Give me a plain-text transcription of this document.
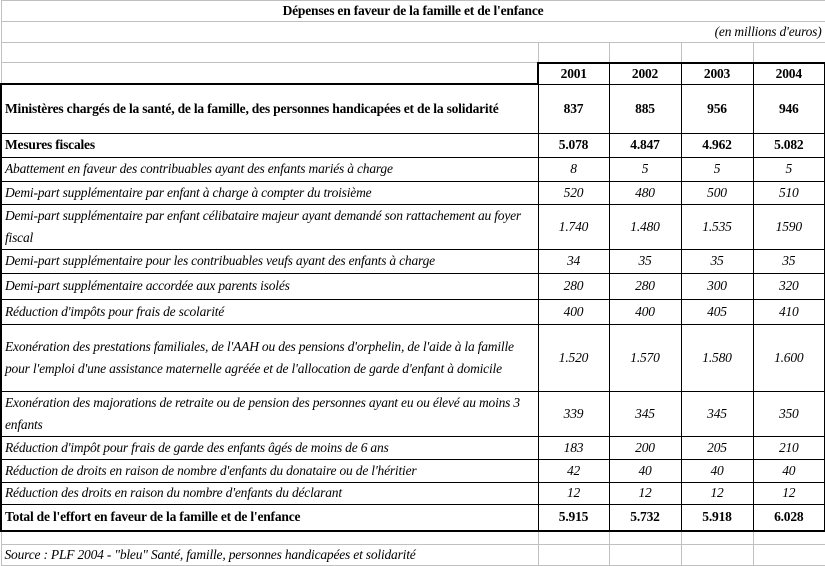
Dépenses en faveur de la famille et de l'enfance				
(en millions d'euros)				

	2001	2002	2003	2004
Ministères chargés de la santé, de la famille, des personnes handicapées et de la solidarité	837	885	956	946
Mesures fiscales	5.078	4.847	4.962	5.082
Abattement en faveur des contribuables ayant des enfants mariés à charge	8	5	5	5
Demi-part supplémentaire par enfant à charge à compter du troisième	520	480	500	510
Demi-part supplémentaire par enfant célibataire majeur ayant demandé son rattachement au foyer fiscal	1.740	1.480	1.535	1590
Demi-part supplémentaire pour les contribuables veufs ayant des enfants à charge	34	35	35	35
Demi-part supplémentaire accordée aux parents isolés	280	280	300	320
Réduction d'impôts pour frais de scolarité	400	400	405	410
Exonération des prestations familiales, de l'AAH ou des pensions d'orphelin, de l'aide à la famille pour l'emploi d'une assistance maternelle agréée et de l'allocation de garde d'enfant à domicile	1.520	1.570	1.580	1.600
Exonération des majorations de retraite ou de pension des personnes ayant eu ou élevé au moins 3 enfants	339	345	345	350
Réduction d'impôt pour frais de garde des enfants âgés de moins de 6 ans	183	200	205	210
Réduction de droits en raison de nombre d'enfants du donataire ou de l'héritier	42	40	40	40
Réduction des droits en raison du nombre d'enfants du déclarant	12	12	12	12
Total de l'effort en faveur de la famille et de l'enfance	5.915	5.732	5.918	6.028

Source : PLF 2004 - "bleu" Santé, famille, personnes handicapées et solidarité				
